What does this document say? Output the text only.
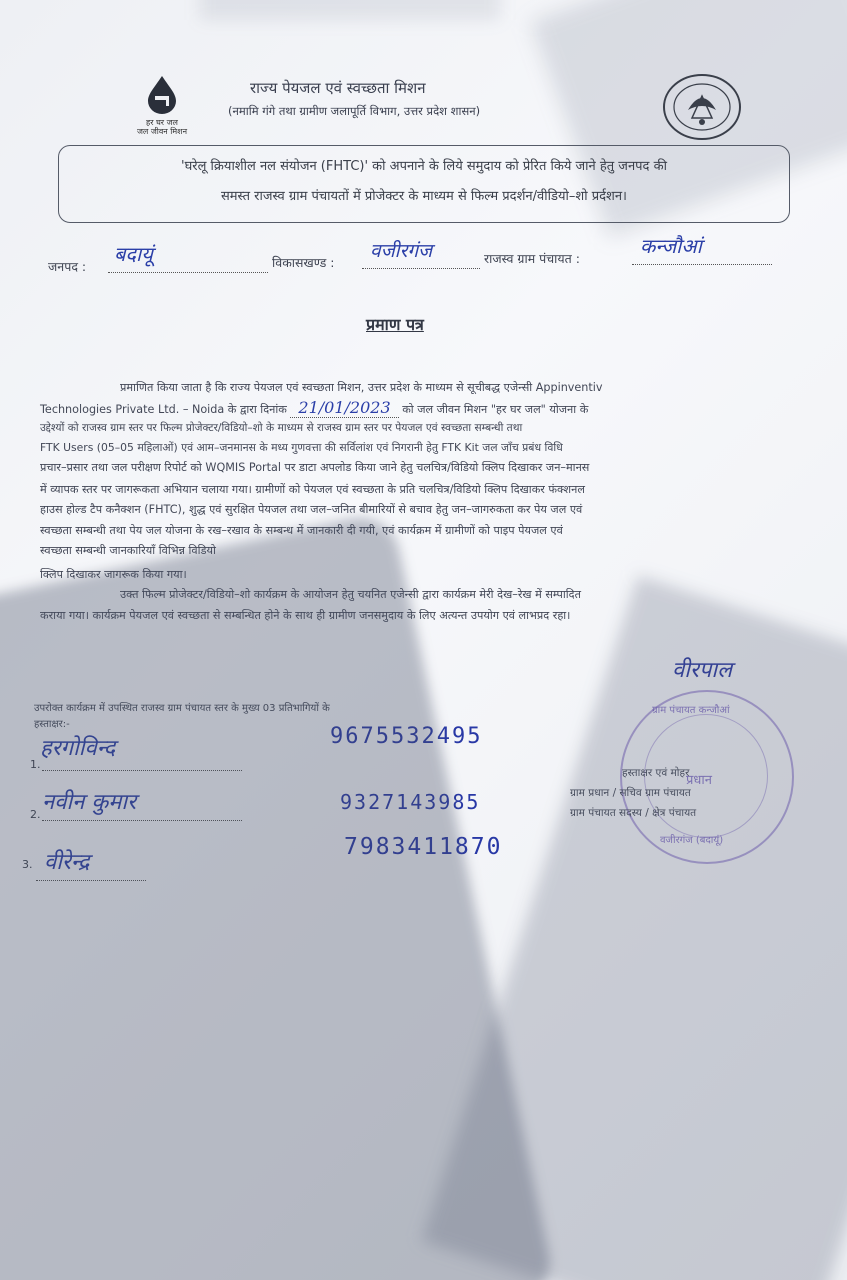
हर घर जल
जल जीवन मिशन
राज्य पेयजल एवं स्वच्छता मिशन
(नमामि गंगे तथा ग्रामीण जलापूर्ति विभाग, उत्तर प्रदेश शासन)
'घरेलू क्रियाशील नल संयोजन (FHTC)' को अपनाने के लिये समुदाय को प्रेरित किये जाने हेतु जनपद की
समस्त राजस्व ग्राम पंचायतों में प्रोजेक्टर के माध्यम से फिल्म प्रदर्शन/वीडियो–शो प्रर्दशन।
जनपद :
बदायूं	विकासखण्ड :
वजीरगंज	राजस्व ग्राम पंचायत :
कन्जौआं
प्रमाण पत्र
प्रमाणित किया जाता है कि राज्य पेयजल एवं स्वच्छता मिशन, उत्तर प्रदेश के माध्यम से सूचीबद्ध एजेन्सी Appinventiv
Technologies Private Ltd. – Noida के द्वारा दिनांक 21/01/2023 को जल जीवन मिशन "हर घर जल" योजना के
उद्देश्यों को राजस्व ग्राम स्तर पर फिल्म प्रोजेक्टर/विडियो–शो के माध्यम से राजस्व ग्राम स्तर पर पेयजल एवं स्वच्छता सम्बन्धी तथा
FTK Users (05–05 महिलाओं) एवं आम–जनमानस के मध्य गुणवत्ता की सर्विलांश एवं निगरानी हेतु FTK Kit जल जाँच प्रबंध विधि
प्रचार–प्रसार तथा जल परीक्षण रिपोर्ट को WQMIS Portal पर डाटा अपलोड किया जाने हेतु चलचित्र/विडियो क्लिप दिखाकर जन–मानस
में व्यापक स्तर पर जागरूकता अभियान चलाया गया। ग्रामीणों को पेयजल एवं स्वच्छता के प्रति चलचित्र/विडियो क्लिप दिखाकर फंक्शनल
हाउस होल्ड टैप कनैक्शन (FHTC), शुद्ध एवं सुरक्षित पेयजल तथा जल–जनित बीमारियों से बचाव हेतु जन–जागरुकता कर पेय जल एवं
स्वच्छता सम्बन्धी तथा पेय जल योजना के रख–रखाव के सम्बन्ध में जानकारी दी गयी, एवं कार्यक्रम में ग्रामीणों को पाइप पेयजल एवं
स्वच्छता सम्बन्धी जानकारियाँ विभिन्न विडियो
क्लिप दिखाकर जागरूक किया गया।
उक्त फिल्म प्रोजेक्टर/विडियो–शो कार्यक्रम के आयोजन हेतु चयनित एजेन्सी द्वारा कार्यक्रम मेरी देख–रेख में सम्पादित
कराया गया। कार्यक्रम पेयजल एवं स्वच्छता से सम्बन्धित होने के साथ ही ग्रामीण जनसमुदाय के लिए अत्यन्त उपयोग एवं लाभप्रद रहा।
उपरोक्त कार्यक्रम में उपस्थित राजस्व ग्राम पंचायत स्तर के मुख्य 03 प्रतिभागियों के
हस्ताक्षर:-
1.
हरगोविन्द	9675532495
2. नवीन कुमार	9327143985
3. वीरेन्द्र
7983411870
वीरपाल
ग्राम पंचायत कन्जौआं
प्रधान
वजीरगंज (बदायूं)
हस्ताक्षर एवं मोहर
ग्राम प्रधान / सचिव ग्राम पंचायत
ग्राम पंचायत सदस्य / क्षेत्र पंचायत
